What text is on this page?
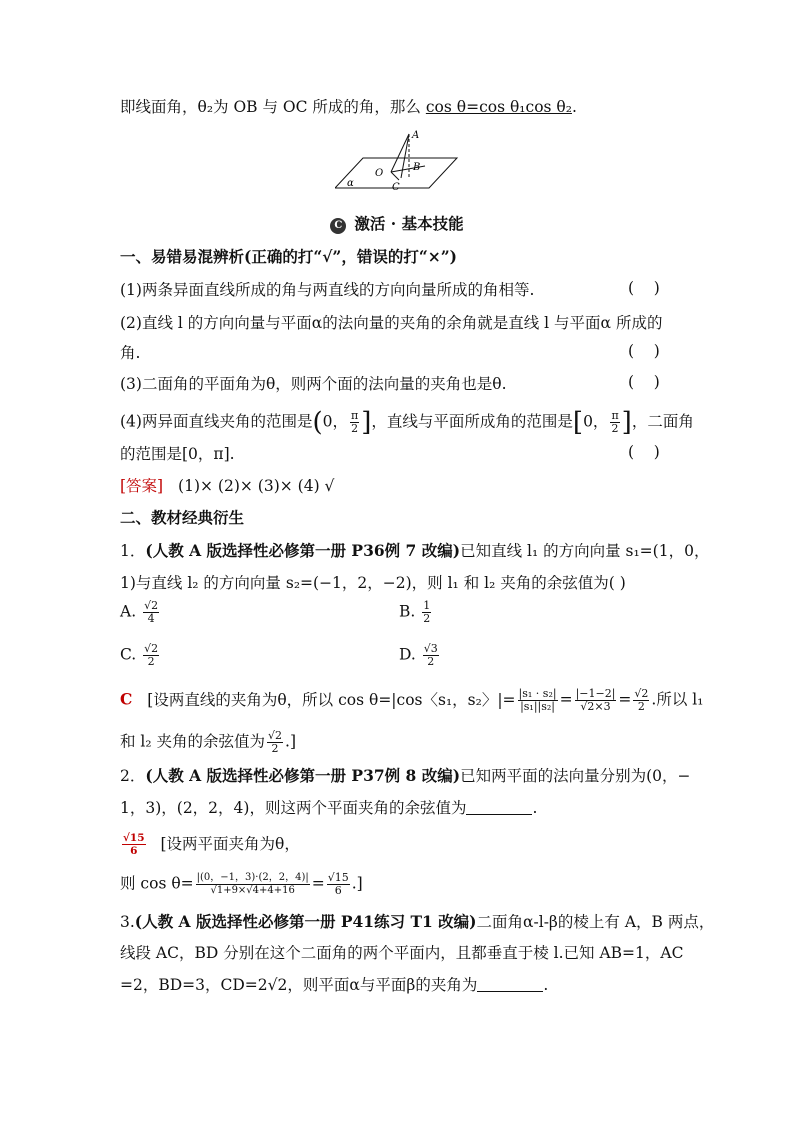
即线面角，θ₂为 OB 与 OC 所成的角，那么 cos θ=cos θ₁cos θ₂.
A
B
O
C
α
C 激活 · 基本技能
一、易错易混辨析(正确的打“√”，错误的打“×”)
(1)两条异面直线所成的角与两直线的方向向量所成的角相等.	(    )
(2)直线 l 的方向向量与平面α的法向量的夹角的余角就是直线 l 与平面α 所成的
角.	(    )
(3)二面角的平面角为θ，则两个面的法向量的夹角也是θ.	(    )
(4)两异面直线夹角的范围是(0， $\frac{\pi}{2}$ ]，直线与平面所成角的范围是[0， $\frac{\pi}{2}$ ]，二面角
的范围是[0，π].	(    )
[答案] (1)× (2)× (3)× (4) √
二、教材经典衍生
1．(人教 A 版选择性必修第一册 P36例 7 改编)已知直线 l₁ 的方向向量 s₁=(1，0，
1)与直线 l₂ 的方向向量 s₂=(−1，2，−2)，则 l₁ 和 l₂ 夹角的余弦值为( )
A. $\frac{√2}{4}$	B. $\frac{1}{2}$
C. $\frac{√2}{2}$	D. $\frac{√3}{2}$
C [设两直线的夹角为θ，所以 cos θ=|cos〈s₁，s₂〉|= $\frac{\text{|s₁ · s₂|}}{\text{|s₁||s₂|}} = \frac{|-1-2|}{√2\times 3} = \frac{√2}{2}$ .所以 l₁
和 l₂ 夹角的余弦值为 $\frac{√2}{2}$ .]
2．(人教 A 版选择性必修第一册 P37例 8 改编)已知两平面的法向量分别为(0，−
1，3)，(2，2，4)，则这两个平面夹角的余弦值为	.
$\frac{√15}{6}$ [设两平面夹角为θ，
则 $\cos \theta= \frac{|(0,-1,3)\cdot(2,2,4)|}{√1+9\times√4+4+16} = \frac{√15}{6}$ .]
3.(人教 A 版选择性必修第一册 P41练习 T1 改编)二面角α-l-β的棱上有 A，B 两点，
线段 AC，BD 分别在这个二面角的两个平面内，且都垂直于棱 l.已知 AB=1，AC
=2，BD=3，CD=2√2，则平面α与平面β的夹角为	.
